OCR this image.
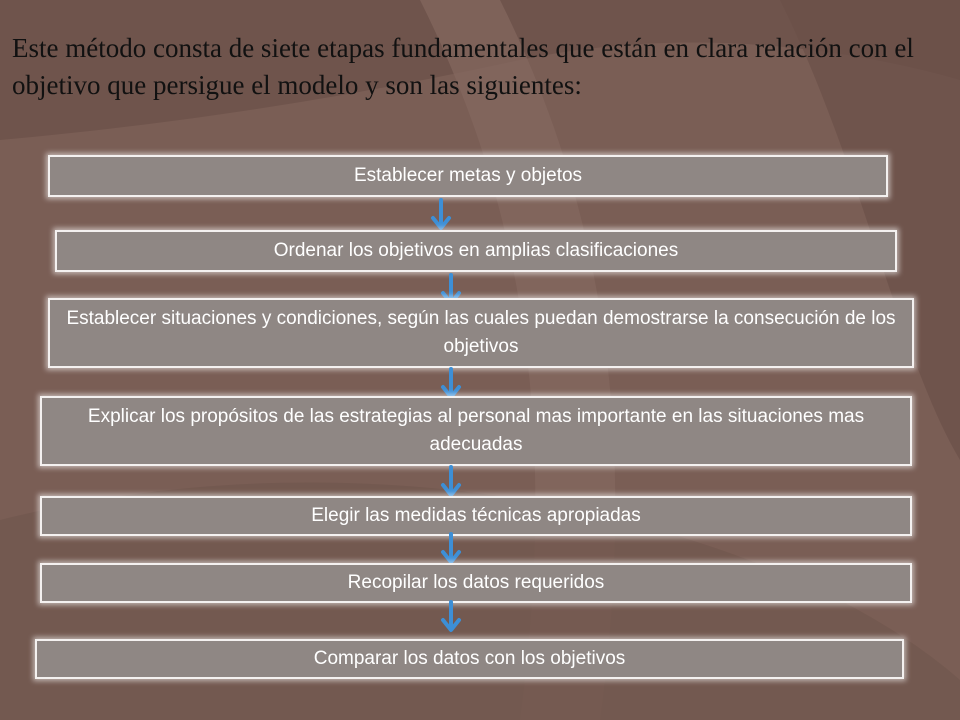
Este método consta de siete etapas fundamentales que están en clara relación con el objetivo que persigue el modelo y son las siguientes:

Establecer metas y objetos
Ordenar los objetivos en amplias clasificaciones
Establecer situaciones y condiciones, según las cuales puedan demostrarse la consecución de los objetivos
Explicar los propósitos de las estrategias al personal mas importante en las situaciones mas adecuadas
Elegir las medidas técnicas apropiadas
Recopilar los datos requeridos
Comparar los datos con los objetivos
